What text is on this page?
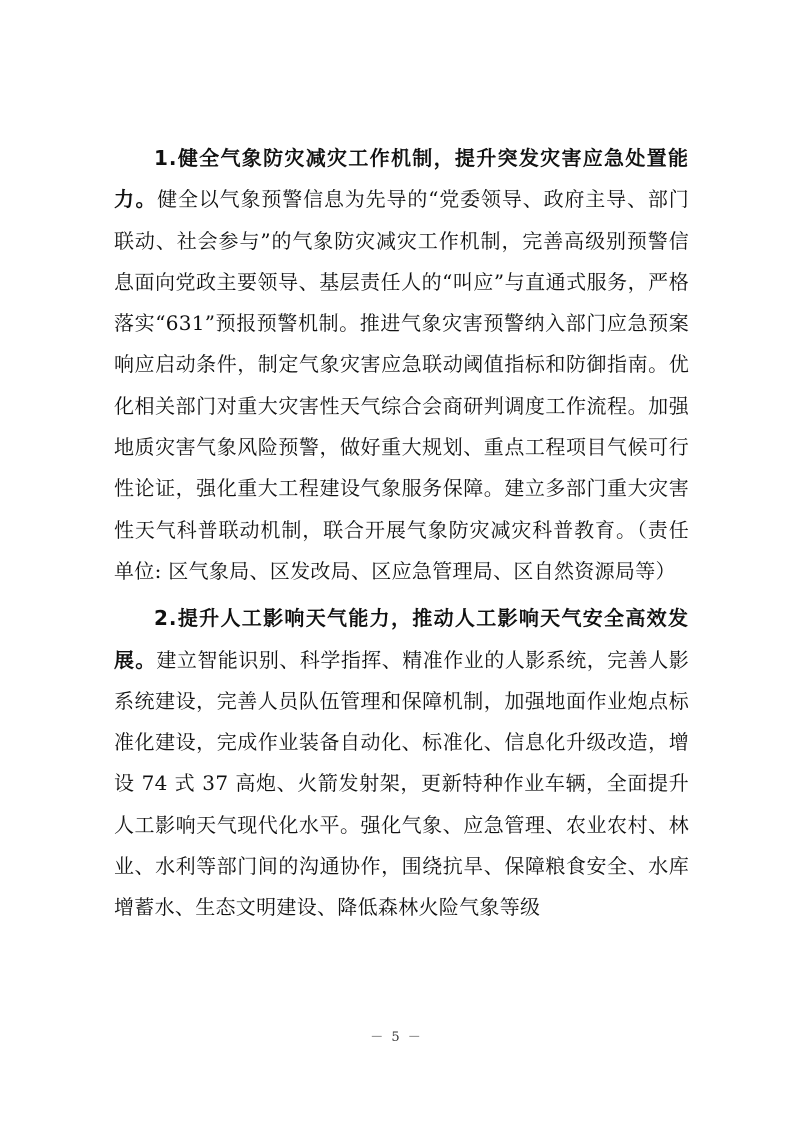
1.健全气象防灾减灾工作机制，提升突发灾害应急处置能力。健全以气象预警信息为先导的“党委领导、政府主导、部门联动、社会参与”的气象防灾减灾工作机制，完善高级别预警信息面向党政主要领导、基层责任人的“叫应”与直通式服务，严格落实“631”预报预警机制。推进气象灾害预警纳入部门应急预案响应启动条件，制定气象灾害应急联动阈值指标和防御指南。优化相关部门对重大灾害性天气综合会商研判调度工作流程。加强地质灾害气象风险预警，做好重大规划、重点工程项目气候可行性论证，强化重大工程建设气象服务保障。建立多部门重大灾害性天气科普联动机制，联合开展气象防灾减灾科普教育。（责任单位: 区气象局、区发改局、区应急管理局、区自然资源局等）

2.提升人工影响天气能力，推动人工影响天气安全高效发展。建立智能识别、科学指挥、精准作业的人影系统，完善人影系统建设，完善人员队伍管理和保障机制，加强地面作业炮点标准化建设，完成作业装备自动化、标准化、信息化升级改造，增设 74 式 37 高炮、火箭发射架，更新特种作业车辆，全面提升人工影响天气现代化水平。强化气象、应急管理、农业农村、林业、水利等部门间的沟通协作，围绕抗旱、保障粮食安全、水库增蓄水、生态文明建设、降低森林火险气象等级

－ 5 －
